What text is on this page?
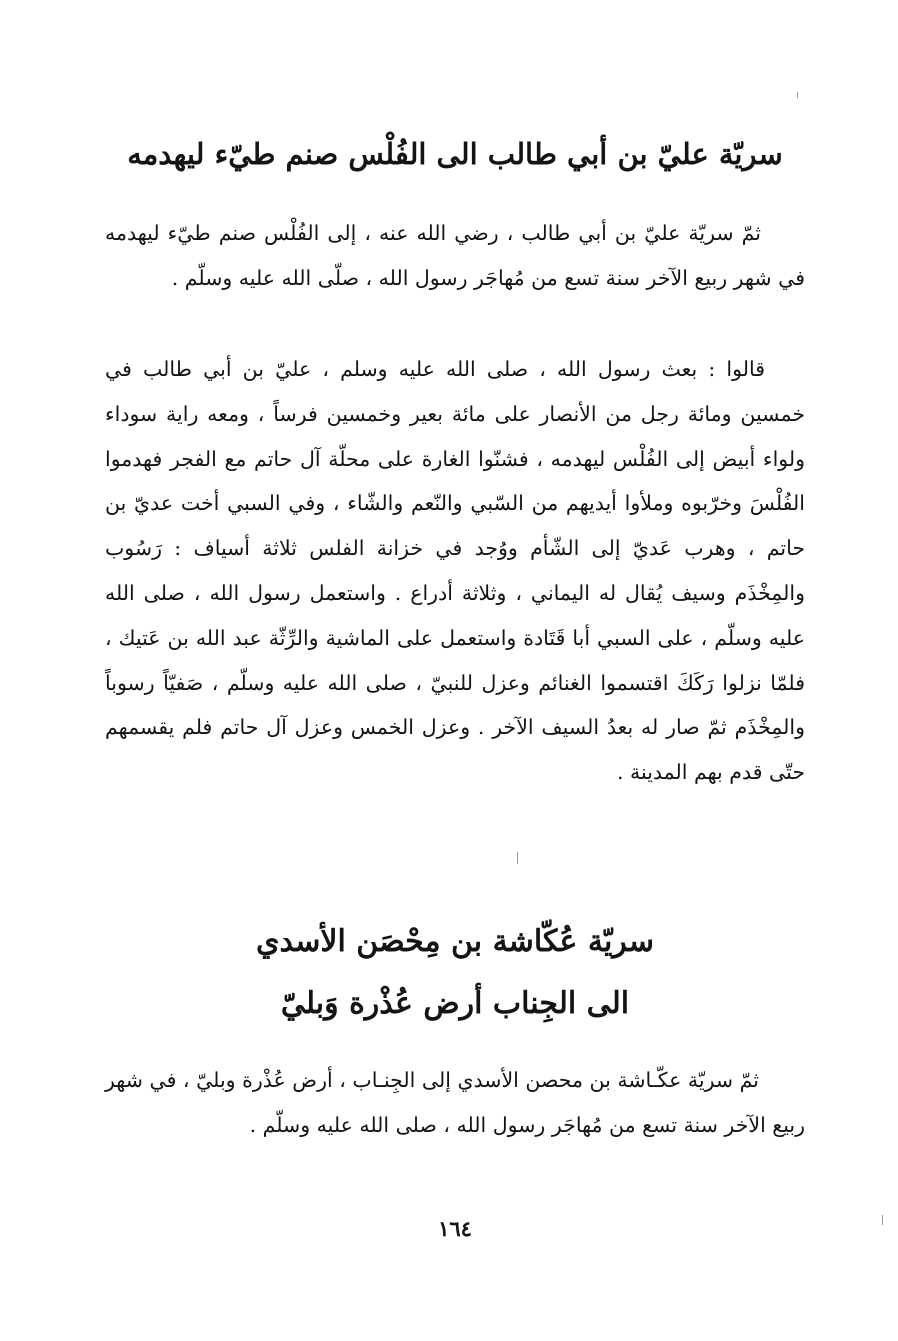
سريّة عليّ بن أبي طالب الى الفُلْس صنم طيّء ليهدمه

ثمّ سريّة عليّ بن أبي طالب ، رضي الله عنه ، إلى الفُلْس صنم طيّء ليهدمه في شهر ربيع الآخر سنة تسع من مُهاجَر رسول الله ، صلّى الله عليه وسلّم .

قالوا : بعث رسول الله ، صلى الله عليه وسلم ، عليّ بن أبي طالب في خمسين ومائة رجل من الأنصار على مائة بعير وخمسين فرساً ، ومعه راية سوداء ولواء أبيض إلى الفُلْس ليهدمه ، فشنّوا الغارة على محلّة آل حاتم مع الفجر فهدموا الفُلْسَ وخرّبوه وملأوا أيديهم من السّبي والنّعم والشّاء ، وفي السبي أخت عديّ بن حاتم ، وهرب عَديّ إلى الشّأم ووُجد في خزانة الفلس ثلاثة أسياف : رَسُوب والمِخْذَم وسيف يُقال له اليماني ، وثلاثة أدراع . واستعمل رسول الله ، صلى الله عليه وسلّم ، على السبي أبا قَتَادة واستعمل على الماشية والرِّثّة عبد الله بن عَتيك ، فلمّا نزلوا رَكَكَ اقتسموا الغنائم وعزل للنبيّ ، صلى الله عليه وسلّم ، صَفيّاً رسوباً والمِخْذَم ثمّ صار له بعدُ السيف الآخر . وعزل الخمس وعزل آل حاتم فلم يقسمهم حتّى قدم بهم المدينة .

سريّة عُكّاشة بن مِحْصَن الأسدي
الى الجِناب أرض عُذْرة وَبليّ

ثمّ سريّة عكّـاشة بن محصن الأسدي إلى الجِنـاب ، أرض عُذْرة وبليّ ، في شهر ربيع الآخر سنة تسع من مُهاجَر رسول الله ، صلى الله عليه وسلّم .

١٦٤
